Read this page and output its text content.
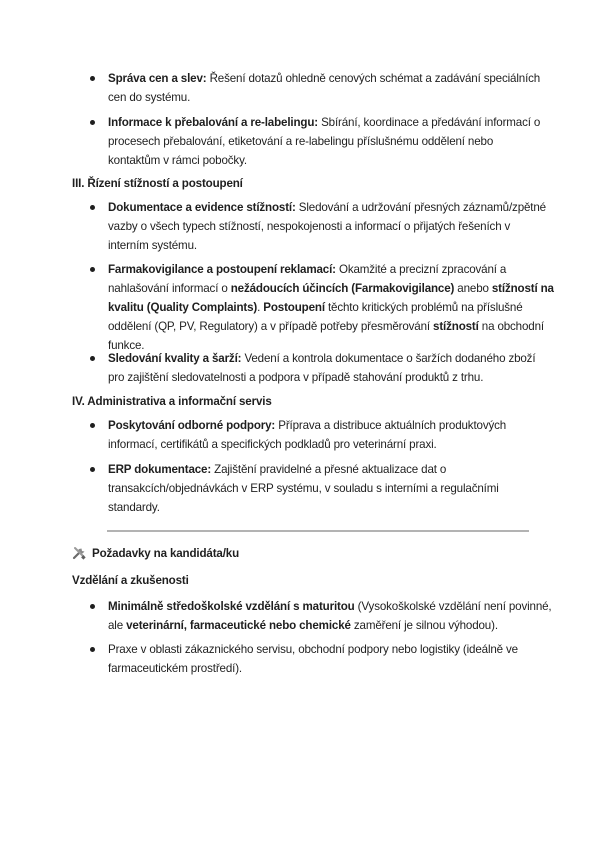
Správa cen a slev: Řešení dotazů ohledně cenových schémat a zadávání speciálních
cen do systému.
Informace k přebalování a re-labelingu: Sbírání, koordinace a předávání informací o
procesech přebalování, etiketování a re-labelingu příslušnému oddělení nebo
kontaktům v rámci pobočky.
III. Řízení stížností a postoupení
Dokumentace a evidence stížností: Sledování a udržování přesných záznamů/zpětné
vazby o všech typech stížností, nespokojenosti a informací o přijatých řešeních v
interním systému.
Farmakovigilance a postoupení reklamací: Okamžité a precizní zpracování a
nahlašování informací o nežádoucích účincích (Farmakovigilance) anebo stížností na
kvalitu (Quality Complaints). Postoupení těchto kritických problémů na příslušné
oddělení (QP, PV, Regulatory) a v případě potřeby přesměrování stížností na obchodní
funkce.
Sledování kvality a šarží: Vedení a kontrola dokumentace o šaržích dodaného zboží
pro zajištění sledovatelnosti a podpora v případě stahování produktů z trhu.
IV. Administrativa a informační servis
Poskytování odborné podpory: Příprava a distribuce aktuálních produktových
informací, certifikátů a specifických podkladů pro veterinární praxi.
ERP dokumentace: Zajištění pravidelné a přesné aktualizace dat o
transakcích/objednávkách v ERP systému, v souladu s interními a regulačními
standardy.
Požadavky na kandidáta/ku
Vzdělání a zkušenosti
Minimálně středoškolské vzdělání s maturitou (Vysokoškolské vzdělání není povinné,
ale veterinární, farmaceutické nebo chemické zaměření je silnou výhodou).
Praxe v oblasti zákaznického servisu, obchodní podpory nebo logistiky (ideálně ve
farmaceutickém prostředí).
